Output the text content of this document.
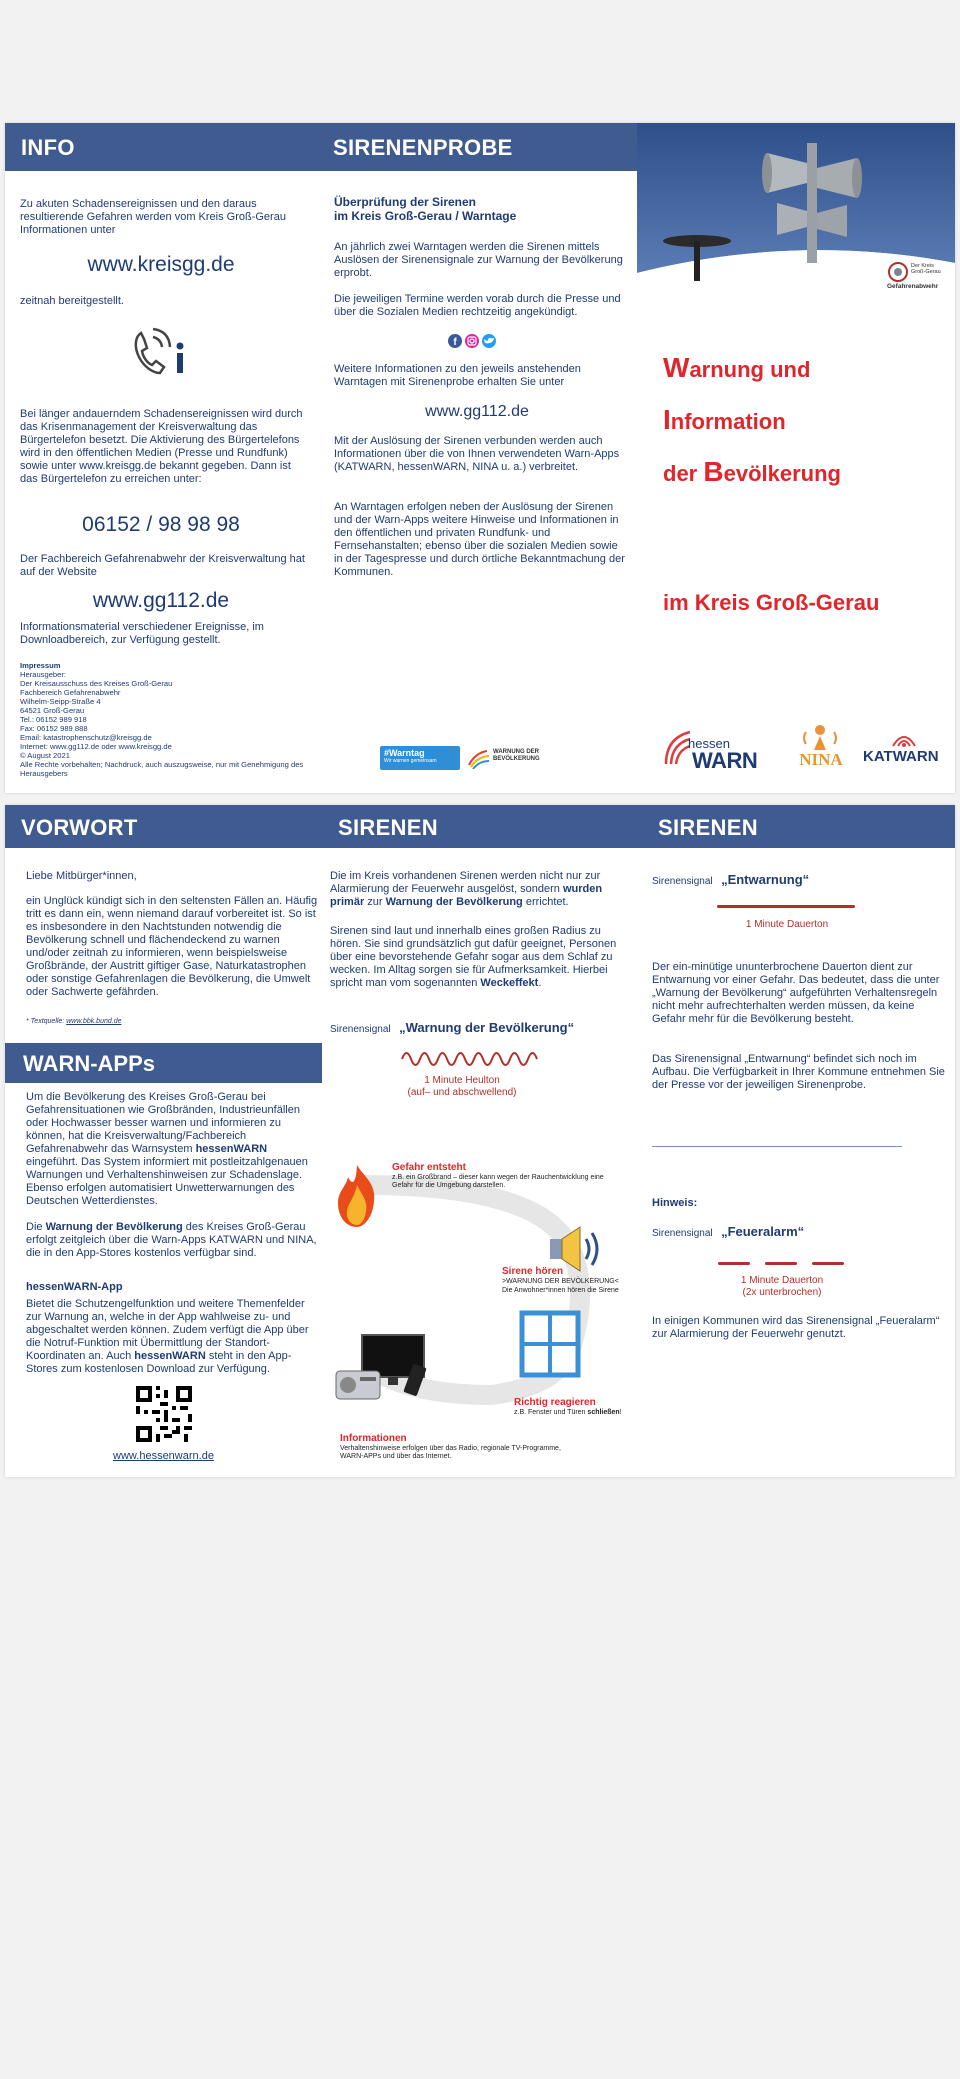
INFO
Zu akuten Schadensereignissen und den daraus resultierende Gefahren werden vom Kreis Groß-Gerau Informationen unter
www.kreisgg.de
zeitnah bereitgestellt.
Bei länger andauerndem Schadensereignissen wird durch das Krisenmanagement der Kreisverwaltung das Bürgertelefon besetzt. Die Aktivierung des Bürgertelefons wird in den öffentlichen Medien (Presse und Rundfunk) sowie unter www.kreisgg.de bekannt gegeben. Dann ist das Bürgertelefon zu erreichen unter:
06152 / 98 98 98
Der Fachbereich Gefahrenabwehr der Kreisverwaltung hat auf der Website
www.gg112.de
Informationsmaterial verschiedener Ereignisse, im Downloadbereich, zur Verfügung gestellt.
Impressum
Herausgeber:
Der Kreisausschuss des Kreises Groß-Gerau
Fachbereich Gefahrenabwehr
Wilhelm-Seipp-Straße 4
64521 Groß-Gerau
Tel.: 06152 989 918
Fax: 06152 989 888
Email: katastrophenschutz@kreisgg.de
Internet: www.gg112.de oder www.kreisgg.de
© August 2021
Alle Rechte vorbehalten; Nachdruck, auch auszugsweise, nur mit Genehmigung des Herausgebers
SIRENENPROBE
Überprüfung der Sirenen
im Kreis Groß-Gerau / Warntage
An jährlich zwei Warntagen werden die Sirenen mittels Auslösen der Sirenensignale zur Warnung der Bevölkerung erprobt.
Die jeweiligen Termine werden vorab durch die Presse und über die Sozialen Medien rechtzeitig angekündigt.
f
Weitere Informationen zu den jeweils anstehenden Warntagen mit Sirenenprobe erhalten Sie unter
www.gg112.de
Mit der Auslösung der Sirenen verbunden werden auch Informationen über die von Ihnen verwendeten Warn-Apps (KATWARN, hessenWARN, NINA u. a.) verbreitet.
An Warntagen erfolgen neben der Auslösung der Sirenen und der Warn-Apps weitere Hinweise und Informationen in den öffentlichen und privaten Rundfunk- und Fernsehanstalten; ebenso über die sozialen Medien sowie in der Tagespresse und durch örtliche Bekanntmachung der Kommunen.
#Warntag
Wir warnen gemeinsam
WARNUNG DER
BEVÖLKERUNG
Der Kreis
Groß-Gerau
Gefahrenabwehr
Warnung und
Information
der Bevölkerung
im Kreis Groß-Gerau
hessen
WARN	NINA	KATWARN
VORWORT
Liebe Mitbürger*innen,
ein Unglück kündigt sich in den seltensten Fällen an. Häufig tritt es dann ein, wenn niemand darauf vorbereitet ist. So ist es insbesondere in den Nachtstunden notwendig die Bevölkerung schnell und flächendeckend zu warnen und/oder zeitnah zu informieren, wenn beispielsweise Großbrände, der Austritt giftiger Gase, Naturkatastrophen oder sonstige Gefahrenlagen die Bevölkerung, die Umwelt oder Sachwerte gefährden.
* Textquelle: www.bbk.bund.de
WARN-APPs
Um die Bevölkerung des Kreises Groß-Gerau bei Gefahrensituationen wie Großbränden, Industrieunfällen oder Hochwasser besser warnen und informieren zu können, hat die Kreisverwaltung/Fachbereich Gefahrenabwehr das Warnsystem hessenWARN eingeführt. Das System informiert mit postleitzahlgenauen Warnungen und Verhaltenshinweisen zur Schadenslage. Ebenso erfolgen automatisiert Unwetterwarnungen des Deutschen Wetterdienstes.
Die Warnung der Bevölkerung des Kreises Groß-Gerau erfolgt zeitgleich über die Warn-Apps KATWARN und NINA, die in den App-Stores kostenlos verfügbar sind.
hessenWARN-App
Bietet die Schutzengelfunktion und weitere Themenfelder zur Warnung an, welche in der App wahlweise zu- und abgeschaltet werden können. Zudem verfügt die App über die Notruf-Funktion mit Übermittlung der Standort-Koordinaten an. Auch hessenWARN steht in den App-Stores zum kostenlosen Download zur Verfügung.
www.hessenwarn.de
SIRENEN
Die im Kreis vorhandenen Sirenen werden nicht nur zur Alarmierung der Feuerwehr ausgelöst, sondern wurden primär zur Warnung der Bevölkerung errichtet.
Sirenen sind laut und innerhalb eines großen Radius zu hören. Sie sind grundsätzlich gut dafür geeignet, Personen über eine bevorstehende Gefahr sogar aus dem Schlaf zu wecken. Im Alltag sorgen sie für Aufmerksamkeit. Hierbei spricht man vom sogenannten Weckeffekt.
Sirenensignal „Warnung der Bevölkerung“
1 Minute Heulton
(auf– und abschwellend)
Gefahr entsteht
z.B. ein Großbrand – dieser kann wegen der Rauchentwicklung eine Gefahr für die Umgebung darstellen.
Sirene hören
>WARNUNG DER BEVÖLKERUNG<
Die Anwohner*innen hören die Sirene
Richtig reagieren
z.B. Fenster und Türen schließen!
Informationen
Verhaltenshinweise erfolgen über das Radio, regionale TV-Programme, WARN-APPs und über das Internet.
SIRENEN
Sirenensignal „Entwarnung“
1 Minute Dauerton
Der ein-minütige ununterbrochene Dauerton dient zur Entwarnung vor einer Gefahr. Das bedeutet, dass die unter „Warnung der Bevölkerung“ aufgeführten Verhaltensregeln nicht mehr aufrechterhalten werden müssen, da keine Gefahr mehr für die Bevölkerung besteht.
Das Sirenensignal „Entwarnung“ befindet sich noch im Aufbau. Die Verfügbarkeit in Ihrer Kommune entnehmen Sie der Presse vor der jeweiligen Sirenenprobe.
Hinweis:
Sirenensignal „Feueralarm“
1 Minute Dauerton
(2x unterbrochen)
In einigen Kommunen wird das Sirenensignal „Feueralarm“ zur Alarmierung der Feuerwehr genutzt.
